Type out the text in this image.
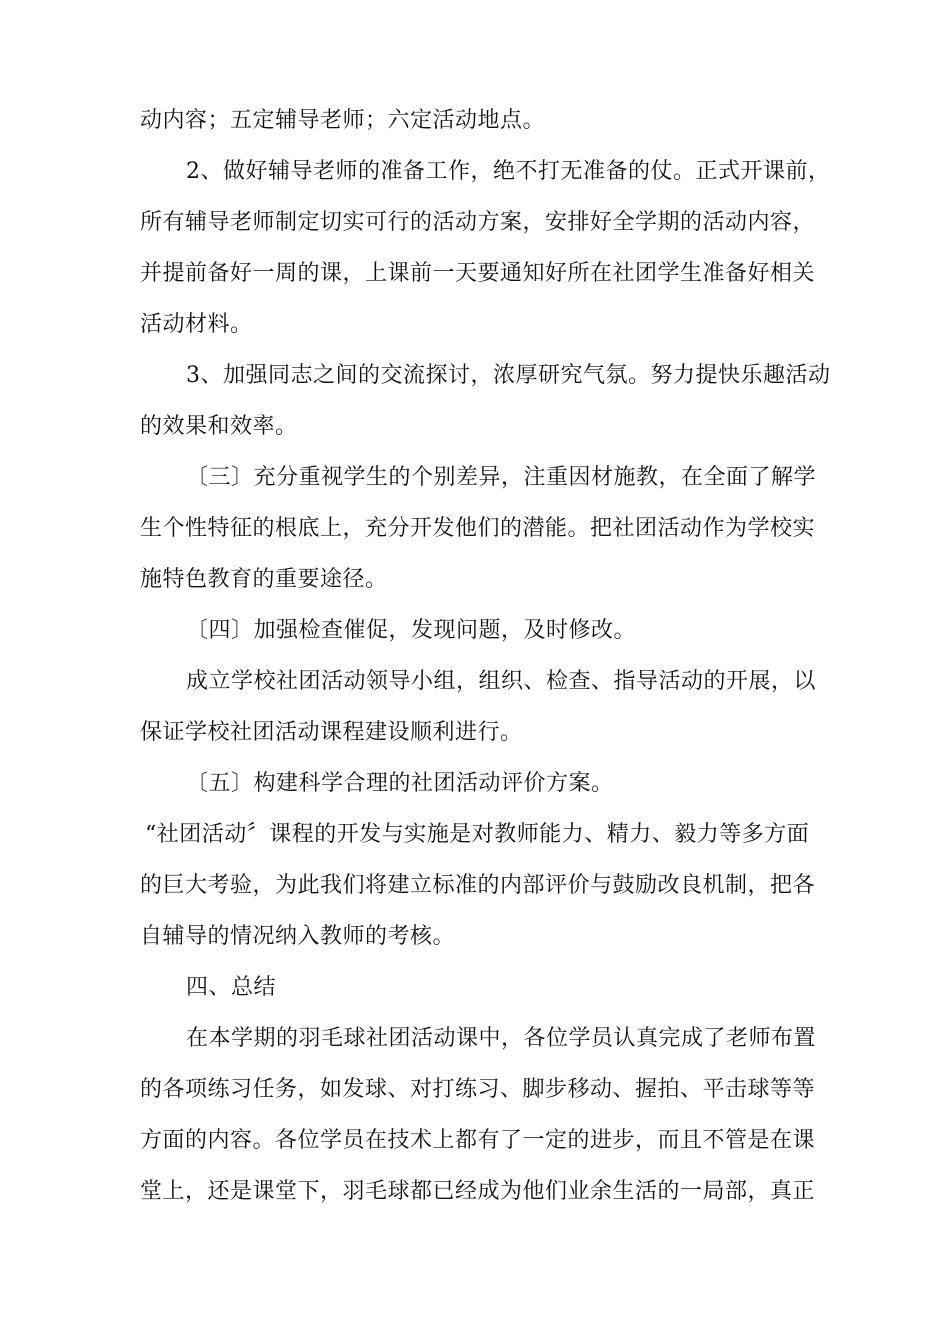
动内容；五定辅导老师；六定活动地点。
2、做好辅导老师的准备工作，绝不打无准备的仗。正式开课前，
所有辅导老师制定切实可行的活动方案，安排好全学期的活动内容，
并提前备好一周的课，上课前一天要通知好所在社团学生准备好相关
活动材料。
3、加强同志之间的交流探讨，浓厚研究气氛。努力提快乐趣活动
的效果和效率。
〔三〕充分重视学生的个别差异，注重因材施教，在全面了解学
生个性特征的根底上，充分开发他们的潜能。把社团活动作为学校实
施特色教育的重要途径。
〔四〕加强检查催促，发现问题，及时修改。
成立学校社团活动领导小组，组织、检查、指导活动的开展，以
保证学校社团活动课程建设顺利进行。
〔五〕构建科学合理的社团活动评价方案。
“社团活动〞课程的开发与实施是对教师能力、精力、毅力等多方面
的巨大考验，为此我们将建立标准的内部评价与鼓励改良机制，把各
自辅导的情况纳入教师的考核。
四、总结
在本学期的羽毛球社团活动课中，各位学员认真完成了老师布置
的各项练习任务，如发球、对打练习、脚步移动、握拍、平击球等等
方面的内容。各位学员在技术上都有了一定的进步，而且不管是在课
堂上，还是课堂下，羽毛球都已经成为他们业余生活的一局部，真正
